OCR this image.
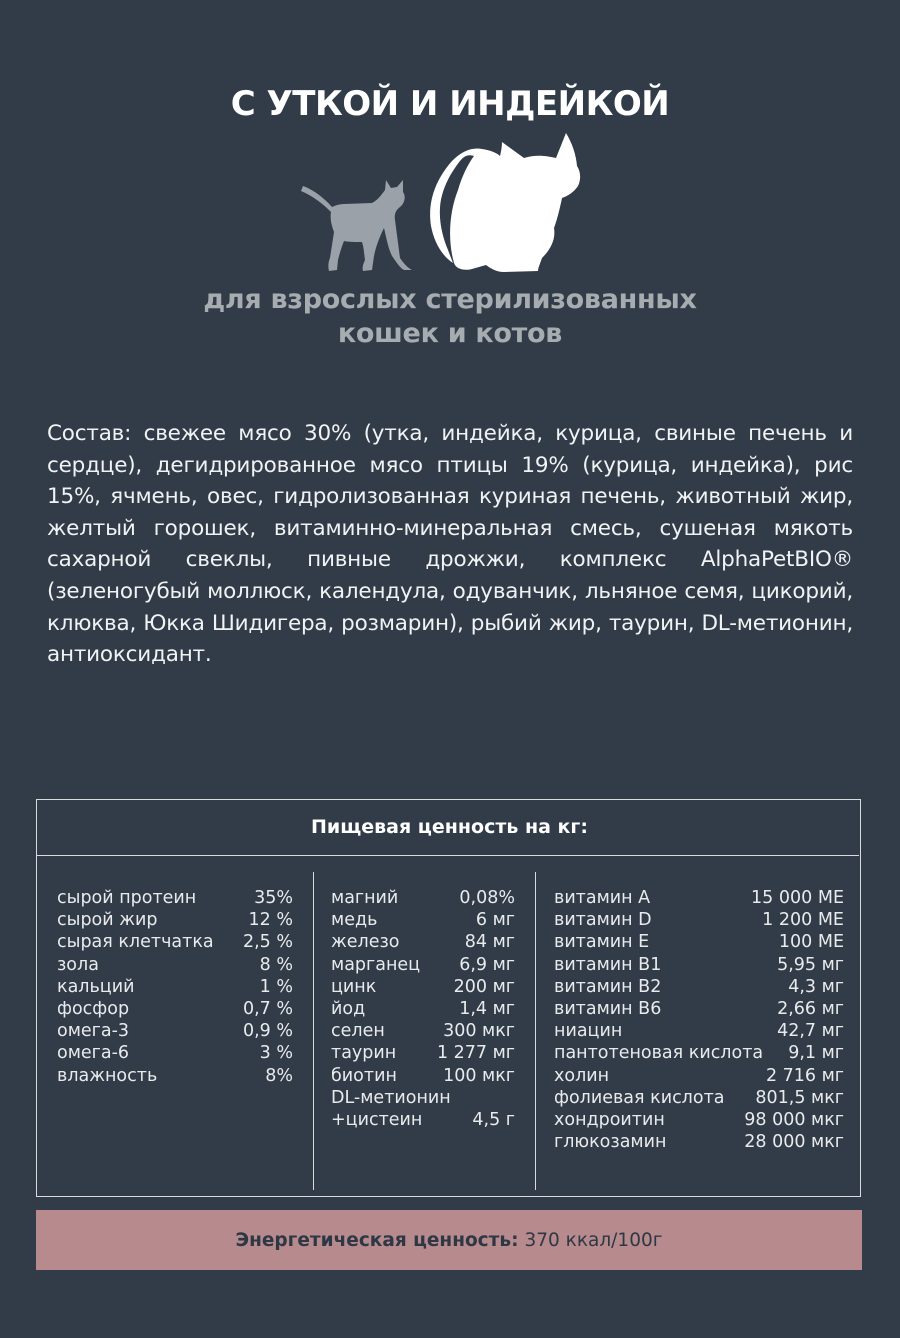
С УТКОЙ И ИНДЕЙКОЙ
для взрослых стерилизованных
кошек и котов
Состав: свежее мясо 30% (утка, индейка, курица, свиные печень и сердце), дегидрированное мясо птицы 19% (курица, индейка), рис 15%, ячмень, овес, гидролизованная куриная печень, животный жир, желтый горошек, витаминно-минеральная смесь, сушеная мякоть сахарной свеклы, пивные дрожжи, комплекс AlphaPetBIO® (зеленогубый моллюск, календула, одуванчик, льняное семя, цикорий, клюква, Юкка Шидигера, розмарин), рыбий жир, таурин, DL-метионин, антиоксидант.
Пищевая ценность на кг:
сырой протеин	35%
сырой жир	12 %
сырая клетчатка 2,5 %
зола	8 %
кальций	1 %
фосфор	0,7 %
омега-3	0,9 %
омега-6	3 %
влажность	8%
магний	0,08%
медь	6 мг
железо	84 мг
марганец 6,9 мг
цинк	200 мг
йод	1,4 мг
селен	300 мкг
таурин 1 277 мг
биотин	100 мкг
DL-метионин
+цистеин	4,5 г
витамин А	15 000 МЕ
витамин D	1 200 МЕ
витамин Е	100 МЕ
витамин В1	5,95 мг
витамин В2	4,3 мг
витамин В6	2,66 мг
ниацин	42,7 мг
пантотеновая кислота 9,1 мг
холин	2 716 мг
фолиевая кислота 801,5 мкг
хондроитин	98 000 мкг
глюкозамин	28 000 мкг
Энергетическая ценность: 370 ккал/100г
